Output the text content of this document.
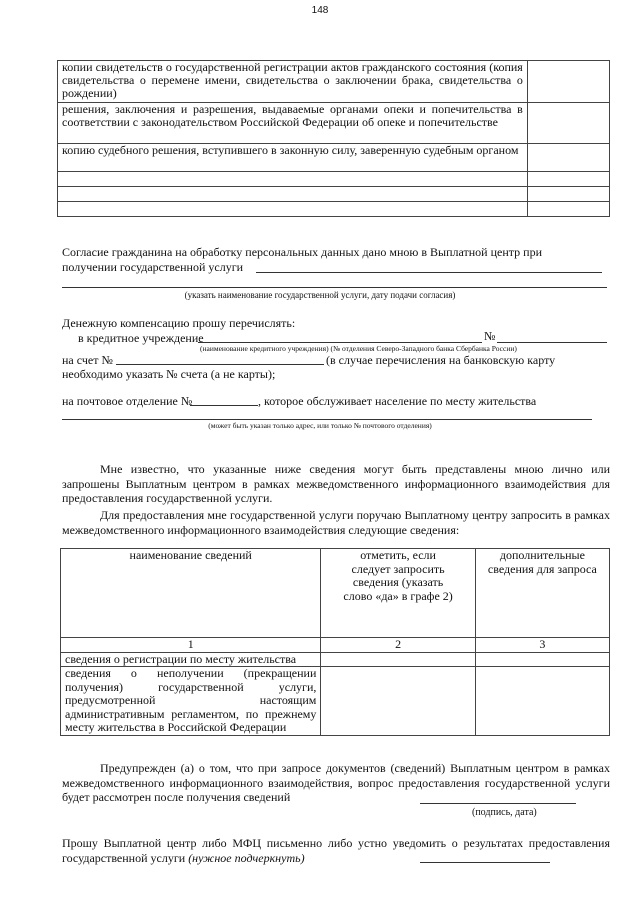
148
копии свидетельств о государственной регистрации актов гражданского состояния (копия свидетельства о перемене имени, свидетельства о заключении брака, свидетельства о рождении)	
решения, заключения и разрешения, выдаваемые органами опеки и попечительства в соответствии с законодательством Российской Федерации об опеке и попечительстве	
копию судебного решения, вступившего в законную силу, заверенную судебным органом	

Согласие гражданина на обработку персональных данных дано мною в Выплатной центр при
получении государственной услуги
(указать наименование государственной услуги, дату подачи согласия)
Денежную компенсацию прошу перечислять:
в кредитное учреждение	№
(наименование кредитного учреждения) (№ отделения Северо-Западного банка Сбербанка России)
на счет №	(в случае перечисления на банковскую карту
необходимо указать № счета (а не карты);
на почтовое отделение №	, которое обслуживает население по месту жительства
(может быть указан только адрес, или только № почтового отделения)
Мне известно, что указанные ниже сведения могут быть представлены мною лично или запрошены Выплатным центром в рамках межведомственного информационного взаимодействия для предоставления государственной услуги.
Для предоставления мне государственной услуги поручаю Выплатному центру запросить в рамках межведомственного информационного взаимодействия следующие сведения:
наименование сведений	отметить, если следует запросить сведения (указать слово «да» в графе 2)	дополнительные сведения для запроса
1	2	3
сведения о регистрации по месту жительства		
сведения о неполучении (прекращении получения) государственной услуги, предусмотренной настоящим административным регламентом, по прежнему месту жительства в Российской Федерации		
Предупрежден (а) о том, что при запросе документов (сведений) Выплатным центром в рамках межведомственного информационного взаимодействия, вопрос предоставления государственной услуги будет рассмотрен после получения сведений
(подпись, дата)
Прошу Выплатной центр либо МФЦ письменно либо устно уведомить о результатах предоставления государственной услуги (нужное подчеркнуть)
